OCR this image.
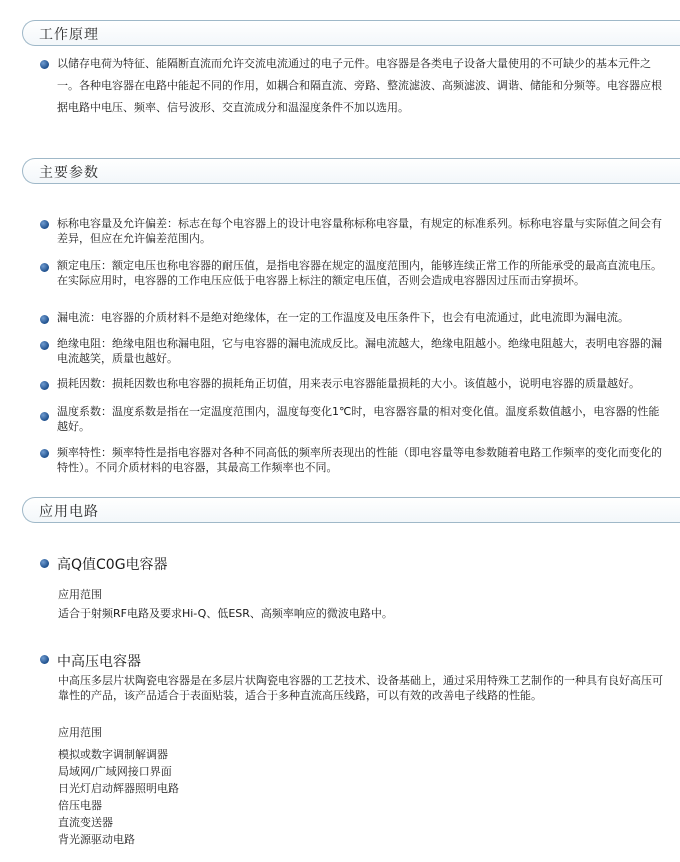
工作原理

以储存电荷为特征、能隔断直流而允许交流电流通过的电子元件。电容器是各类电子设备大量使用的不可缺少的基本元件之一。各种电容器在电路中能起不同的作用，如耦合和隔直流、旁路、整流滤波、高频滤波、调谐、储能和分频等。电容器应根据电路中电压、频率、信号波形、交直流成分和温湿度条件不加以选用。

主要参数

标称电容量及允许偏差：标志在每个电容器上的设计电容量称标称电容量，有规定的标准系列。标称电容量与实际值之间会有差异，但应在允许偏差范围内。

额定电压：额定电压也称电容器的耐压值，是指电容器在规定的温度范围内，能够连续正常工作的所能承受的最高直流电压。在实际应用时，电容器的工作电压应低于电容器上标注的额定电压值，否则会造成电容器因过压而击穿损坏。

漏电流：电容器的介质材料不是绝对绝缘体，在一定的工作温度及电压条件下，也会有电流通过，此电流即为漏电流。

绝缘电阻：绝缘电阻也称漏电阻，它与电容器的漏电流成反比。漏电流越大，绝缘电阻越小。绝缘电阻越大，表明电容器的漏电流越笑，质量也越好。

损耗因数：损耗因数也称电容器的损耗角正切值，用来表示电容器能量损耗的大小。该值越小，说明电容器的质量越好。

温度系数：温度系数是指在一定温度范围内，温度每变化1℃时，电容器容量的相对变化值。温度系数值越小，电容器的性能越好。

频率特性：频率特性是指电容器对各种不同高低的频率所表现出的性能（即电容量等电参数随着电路工作频率的变化而变化的特性）。不同介质材料的电容器，其最高工作频率也不同。

应用电路
高Q值C0G电容器
应用范围
适合于射频RF电路及要求Hi-Q、低ESR、高频率响应的微波电路中。
中高压电容器

中高压多层片状陶瓷电容器是在多层片状陶瓷电容器的工艺技术、设备基础上，通过采用特殊工艺制作的一种具有良好高压可靠性的产品，该产品适合于表面贴装，适合于多种直流高压线路，可以有效的改善电子线路的性能。

应用范围
模拟或数字调制解调器
局域网/广域网接口界面
日光灯启动辉器照明电路
倍压电器
直流变送器
背光源驱动电路
